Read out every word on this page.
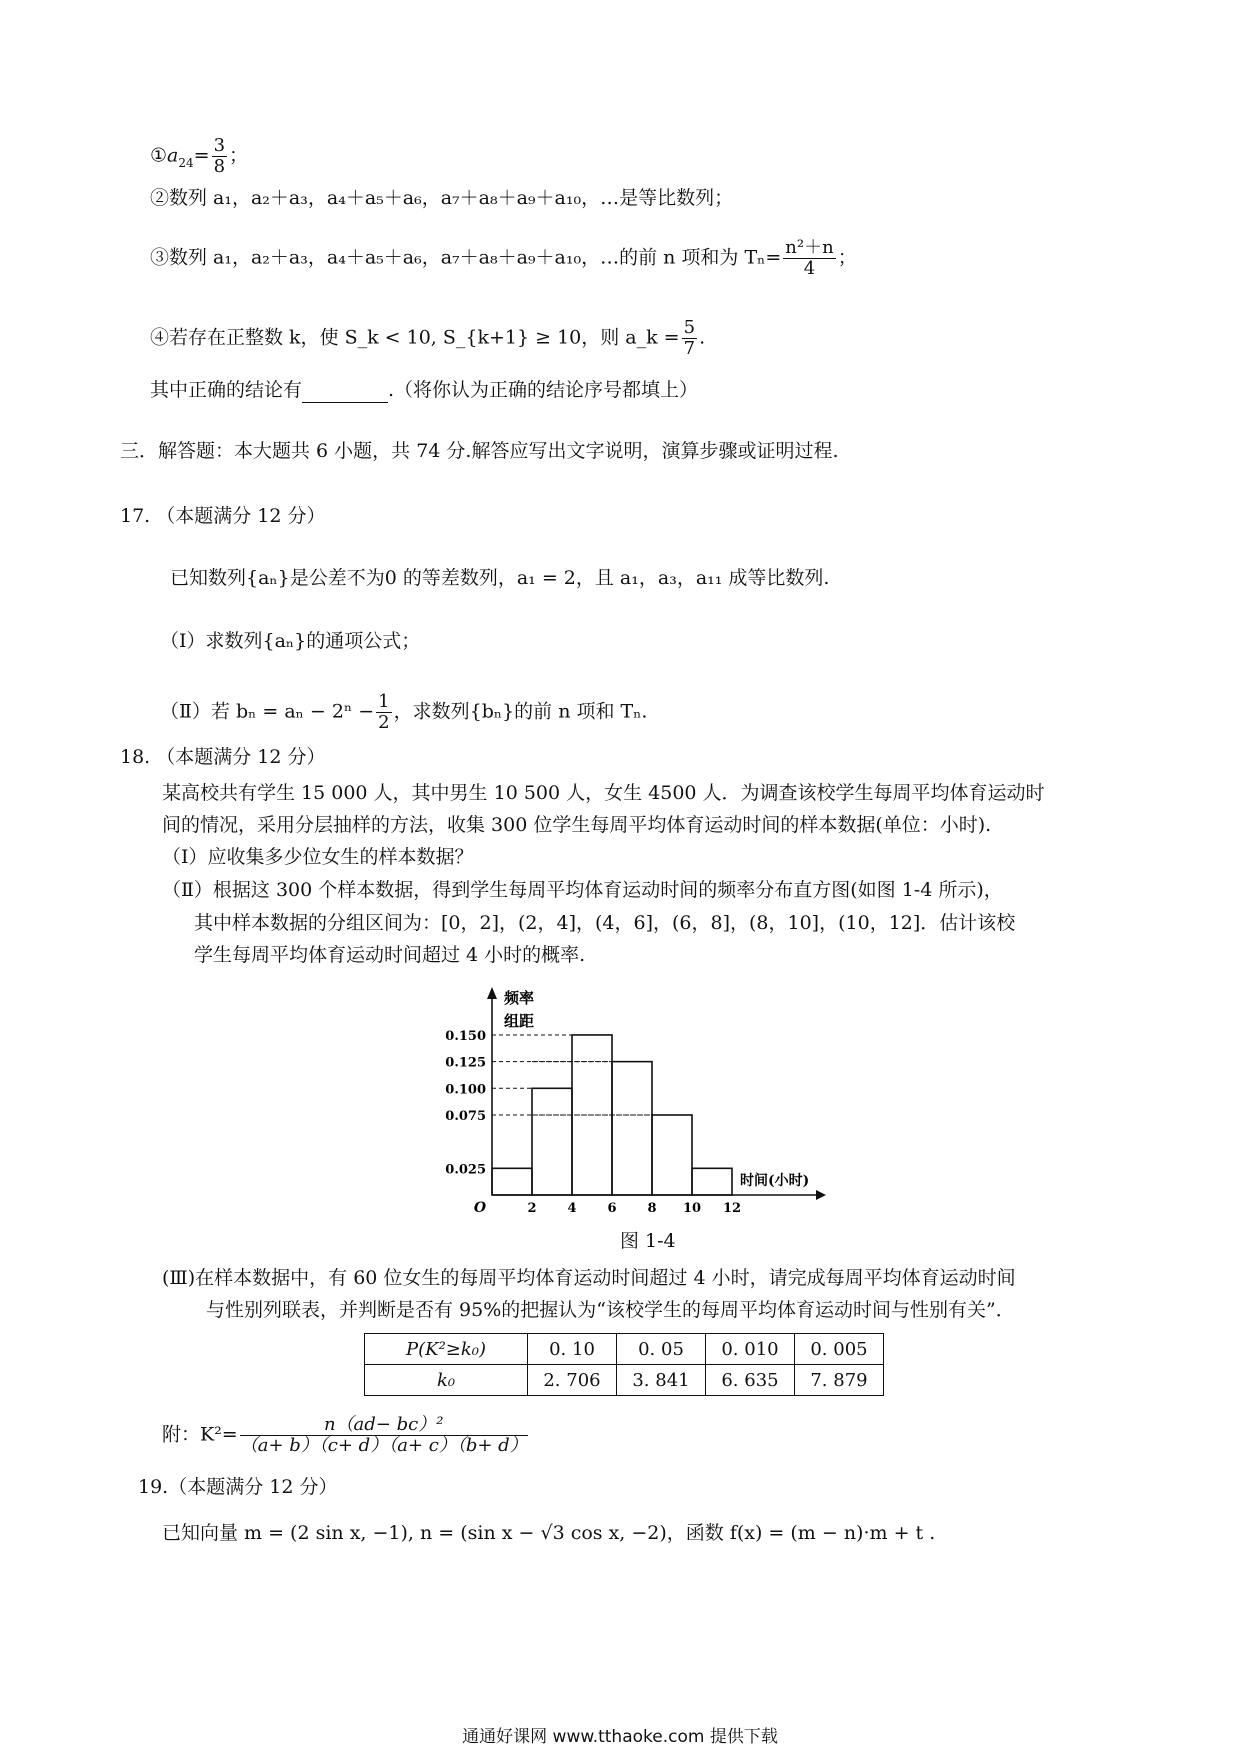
$①a_{24}= \frac{3}{8}$ ；
②数列 a₁，a₂＋a₃，a₄＋a₅＋a₆，a₇＋a₈＋a₉＋a₁₀，…是等比数列；
③数列 a₁，a₂＋a₃，a₄＋a₅＋a₆，a₇＋a₈＋a₉＋a₁₀，…的前 n 项和为 $T_n= \frac{\text{n²＋n}}{4}$ ；
④若存在正整数 k，使 S_k < 10, S_{k+1} ≥ 10，则 a_k = $\frac{5}{7}$ .
其中正确的结论有	.（将你认为正确的结论序号都填上）
三．解答题：本大题共 6 小题，共 74 分.解答应写出文字说明，演算步骤或证明过程.
17. （本题满分 12 分）
已知数列{aₙ}是公差不为0 的等差数列，a₁ = 2，且 a₁，a₃，a₁₁ 成等比数列.
（Ⅰ）求数列{aₙ}的通项公式；
（Ⅱ）若 $b_n = a_n - 2^n - \frac{1}{2}$ ，求数列{bₙ}的前 n 项和 Tₙ.
18. （本题满分 12 分）
某高校共有学生 15 000 人，其中男生 10 500 人，女生 4500 人．为调查该校学生每周平均体育运动时
间的情况，采用分层抽样的方法，收集 300 位学生每周平均体育运动时间的样本数据(单位：小时).
（Ⅰ）应收集多少位女生的样本数据？
（Ⅱ）根据这 300 个样本数据，得到学生每周平均体育运动时间的频率分布直方图(如图 1-4 所示)，
其中样本数据的分组区间为：[0，2]，(2，4]，(4，6]，(6，8]，(8，10]，(10，12]．估计该校
学生每周平均体育运动时间超过 4 小时的概率.
0.150
0.125
0.100
0.075
0.025
2 4 6 8 10 12
O
频率
组距
时间(小时)
图 1-4
(Ⅲ)在样本数据中，有 60 位女生的每周平均体育运动时间超过 4 小时，请完成每周平均体育运动时间
与性别列联表，并判断是否有 95%的把握认为“该校学生的每周平均体育运动时间与性别有关”．
P(K²≥k₀)	0. 10	0. 05	0. 010	0. 005
k₀	2. 706	3. 841	6. 635	7. 879
附：$K^2= \frac{\text{n（ad− bc）²}}{(a+ b)(c+ d)(a+ c)(b+ d)}$
19.（本题满分 12 分）
已知向量 m = (2 sin x, −1), n = (sin x − √3 cos x, −2)，函数 f(x) = (m − n)·m + t .
通通好课网 www.tthaoke.com 提供下载
